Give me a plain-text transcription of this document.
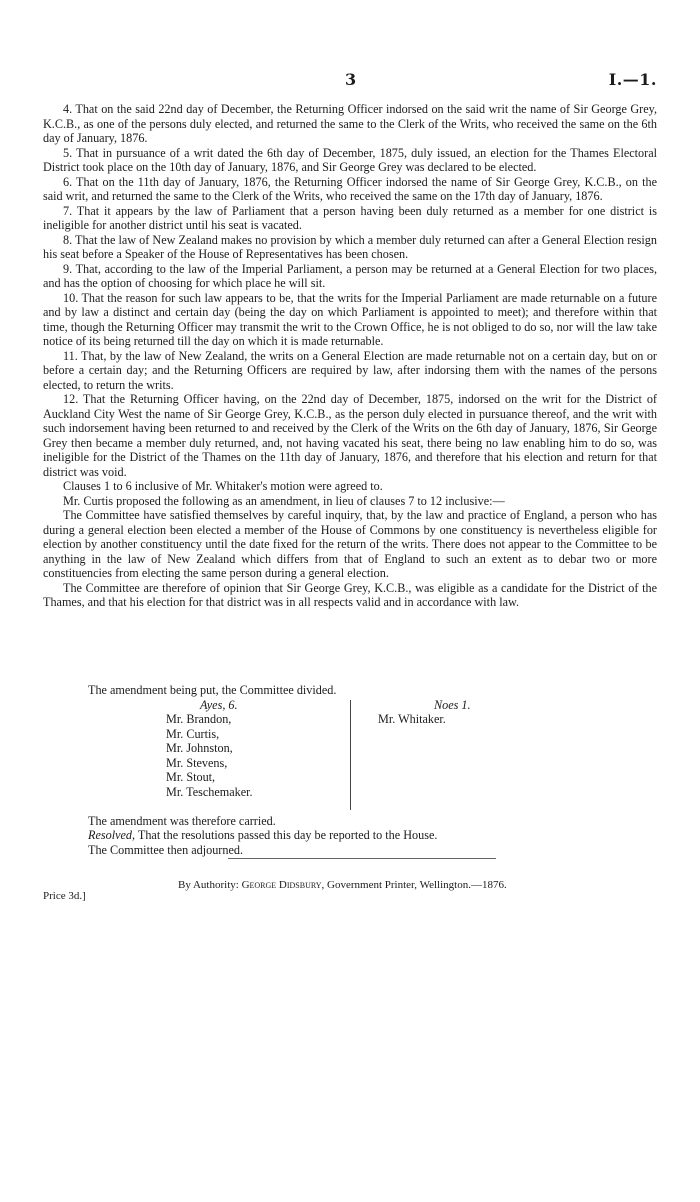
3	I.—1.

4. That on the said 22nd day of December, the Returning Officer indorsed on the said writ the name of Sir George Grey, K.C.B., as one of the persons duly elected, and returned the same to the Clerk of the Writs, who received the same on the 6th day of January, 1876.

5. That in pursuance of a writ dated the 6th day of December, 1875, duly issued, an election for the Thames Electoral District took place on the 10th day of January, 1876, and Sir George Grey was declared to be elected.

6. That on the 11th day of January, 1876, the Returning Officer indorsed the name of Sir George Grey, K.C.B., on the said writ, and returned the same to the Clerk of the Writs, who received the same on the 17th day of January, 1876.

7. That it appears by the law of Parliament that a person having been duly returned as a member for one district is ineligible for another district until his seat is vacated.

8. That the law of New Zealand makes no provision by which a member duly returned can after a General Election resign his seat before a Speaker of the House of Representatives has been chosen.

9. That, according to the law of the Imperial Parliament, a person may be returned at a General Election for two places, and has the option of choosing for which place he will sit.

10. That the reason for such law appears to be, that the writs for the Imperial Parliament are made returnable on a future and by law a distinct and certain day (being the day on which Parliament is appointed to meet); and therefore within that time, though the Returning Officer may transmit the writ to the Crown Office, he is not obliged to do so, nor will the law take notice of its being returned till the day on which it is made returnable.

11. That, by the law of New Zealand, the writs on a General Election are made returnable not on a certain day, but on or before a certain day; and the Returning Officers are required by law, after indorsing them with the names of the persons elected, to return the writs.

12. That the Returning Officer having, on the 22nd day of December, 1875, indorsed on the writ for the District of Auckland City West the name of Sir George Grey, K.C.B., as the person duly elected in pursuance thereof, and the writ with such indorsement having been returned to and received by the Clerk of the Writs on the 6th day of January, 1876, Sir George Grey then became a member duly returned, and, not having vacated his seat, there being no law enabling him to do so, was ineligible for the District of the Thames on the 11th day of January, 1876, and therefore that his election and return for that district was void.

Clauses 1 to 6 inclusive of Mr. Whitaker's motion were agreed to.

Mr. Curtis proposed the following as an amendment, in lieu of clauses 7 to 12 inclusive:—

The Committee have satisfied themselves by careful inquiry, that, by the law and practice of England, a person who has during a general election been elected a member of the House of Commons by one constituency is nevertheless eligible for election by another constituency until the date fixed for the return of the writs. There does not appear to the Committee to be anything in the law of New Zealand which differs from that of England to such an extent as to debar two or more constituencies from electing the same person during a general election.

The Committee are therefore of opinion that Sir George Grey, K.C.B., was eligible as a candidate for the District of the Thames, and that his election for that district was in all respects valid and in accordance with law.

The amendment being put, the Committee divided.

Ayes, 6.
Mr. Brandon,
Mr. Curtis,
Mr. Johnston,
Mr. Stevens,
Mr. Stout,
Mr. Teschemaker.
Noes 1.
Mr. Whitaker.

The amendment was therefore carried.

Resolved, That the resolutions passed this day be reported to the House.

The Committee then adjourned.

By Authority: George Didsbury, Government Printer, Wellington.—1876.
Price 3d.]
